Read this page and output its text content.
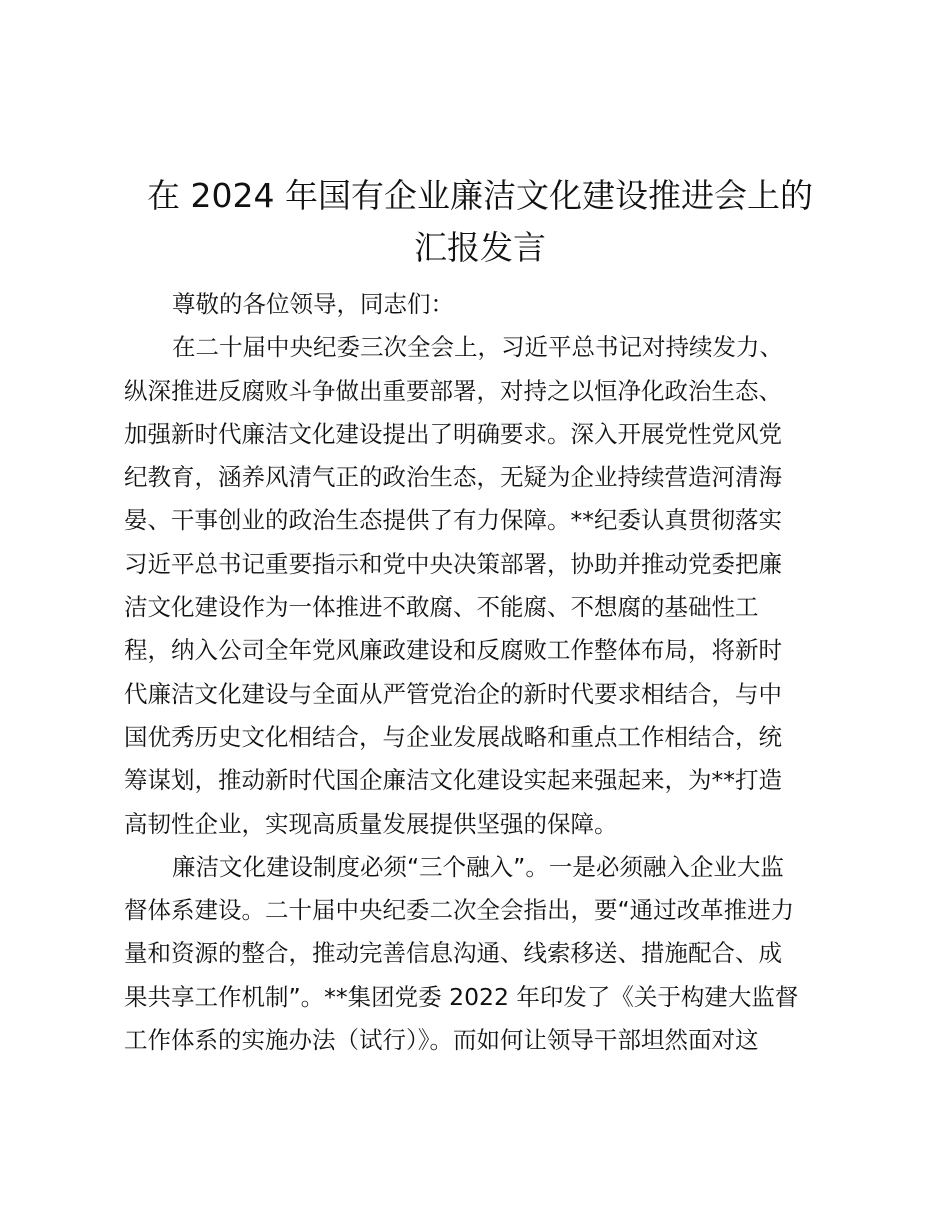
在 2024 年国有企业廉洁文化建设推进会上的
汇报发言
尊敬的各位领导，同志们：
在二十届中央纪委三次全会上，习近平总书记对持续发力、
纵深推进反腐败斗争做出重要部署，对持之以恒净化政治生态、
加强新时代廉洁文化建设提出了明确要求。深入开展党性党风党
纪教育，涵养风清气正的政治生态，无疑为企业持续营造河清海
晏、干事创业的政治生态提供了有力保障。**纪委认真贯彻落实
习近平总书记重要指示和党中央决策部署，协助并推动党委把廉
洁文化建设作为一体推进不敢腐、不能腐、不想腐的基础性工
程，纳入公司全年党风廉政建设和反腐败工作整体布局，将新时
代廉洁文化建设与全面从严管党治企的新时代要求相结合，与中
国优秀历史文化相结合，与企业发展战略和重点工作相结合，统
筹谋划，推动新时代国企廉洁文化建设实起来强起来，为**打造
高韧性企业，实现高质量发展提供坚强的保障。
廉洁文化建设制度必须“三个融入”。一是必须融入企业大监
督体系建设。二十届中央纪委二次全会指出，要“通过改革推进力
量和资源的整合，推动完善信息沟通、线索移送、措施配合、成
果共享工作机制”。**集团党委 2022 年印发了《关于构建大监督
工作体系的实施办法（试行）》。而如何让领导干部坦然面对这
